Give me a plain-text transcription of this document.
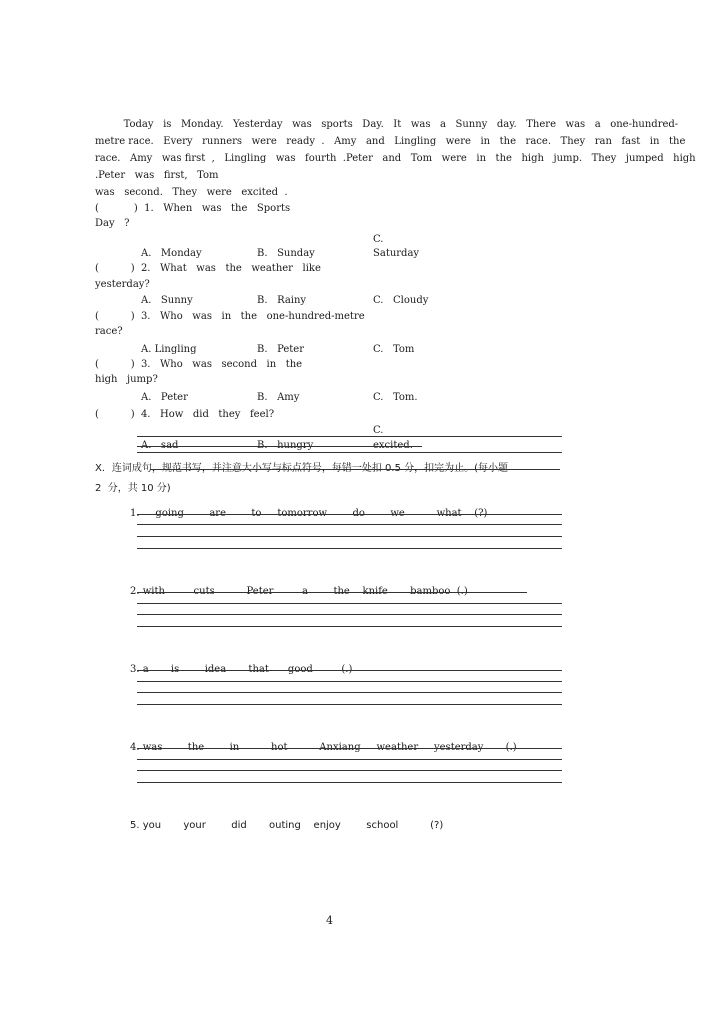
Today   is   Monday.   Yesterday   was   sports   Day.   It   was   a   Sunny   day.   There   was   a   one-hundred-
metre race.   Every   runners   were   ready  .   Amy   and   Lingling   were   in   the   race.   They   ran   fast   in   the
race.   Amy   was first  ,   Lingling   was   fourth  .Peter   and   Tom   were   in   the   high   jump.   They   jumped   high
.Peter   was   first,   Tom
was   second.   They   were   excited  .
(           )  1.   When   was   the   Sports
Day   ?
C.
A.   Monday	B.   Sunday	Saturday
(          )  2.   What   was   the   weather   like
yesterday?
A.   Sunny	B.   Rainy	C.   Cloudy
(          )  3.   Who   was   in   the   one-hundred-metre
race?
A. Lingling	B.   Peter	C.   Tom
(          )  3.   Who   was   second   in   the
high   jump?
A.   Peter	B.   Amy	C.   Tom.
(          )  4.   How   did   they   feel?
C.
A.   sad	B.   hungry	excited.
X．连词成句，规范书写，并注意大小写与标点符号，每错一处扣 0.5 分，扣完为止。(每小题
2  分，共 10 分)
1.     going        are        to     tomorrow        do        we          what    (?)
2. with         cuts          Peter         a        the    knife       bamboo  (.)
3. a       is        idea       that      good         (.)
4. was        the        in          hot          Anxiang     weather     yesterday       (.)
5. you       your        did       outing    enjoy        school          (?)
4
